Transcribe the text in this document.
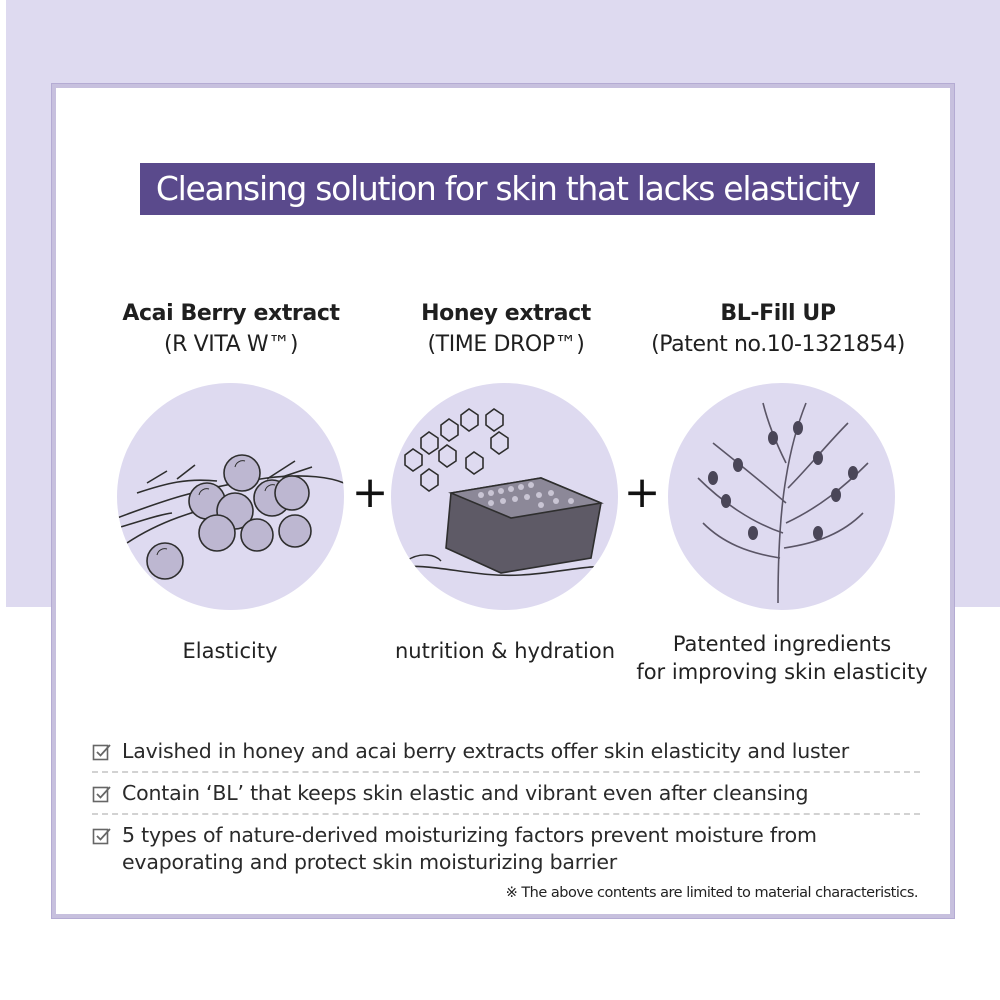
Cleansing solution for skin that lacks elasticity
Acai Berry extract
(R VITA W™)
Honey extract
(TIME DROP™)
BL-Fill UP
(Patent no.10-1321854)
+	+
Elasticity	nutrition & hydration	Patented ingredients
for improving skin elasticity
Lavished in honey and acai berry extracts offer skin elasticity and luster
Contain ‘BL’ that keeps skin elastic and vibrant even after cleansing
5 types of nature-derived moisturizing factors prevent moisture from evaporating and protect skin moisturizing barrier
※ The above contents are limited to material characteristics.
